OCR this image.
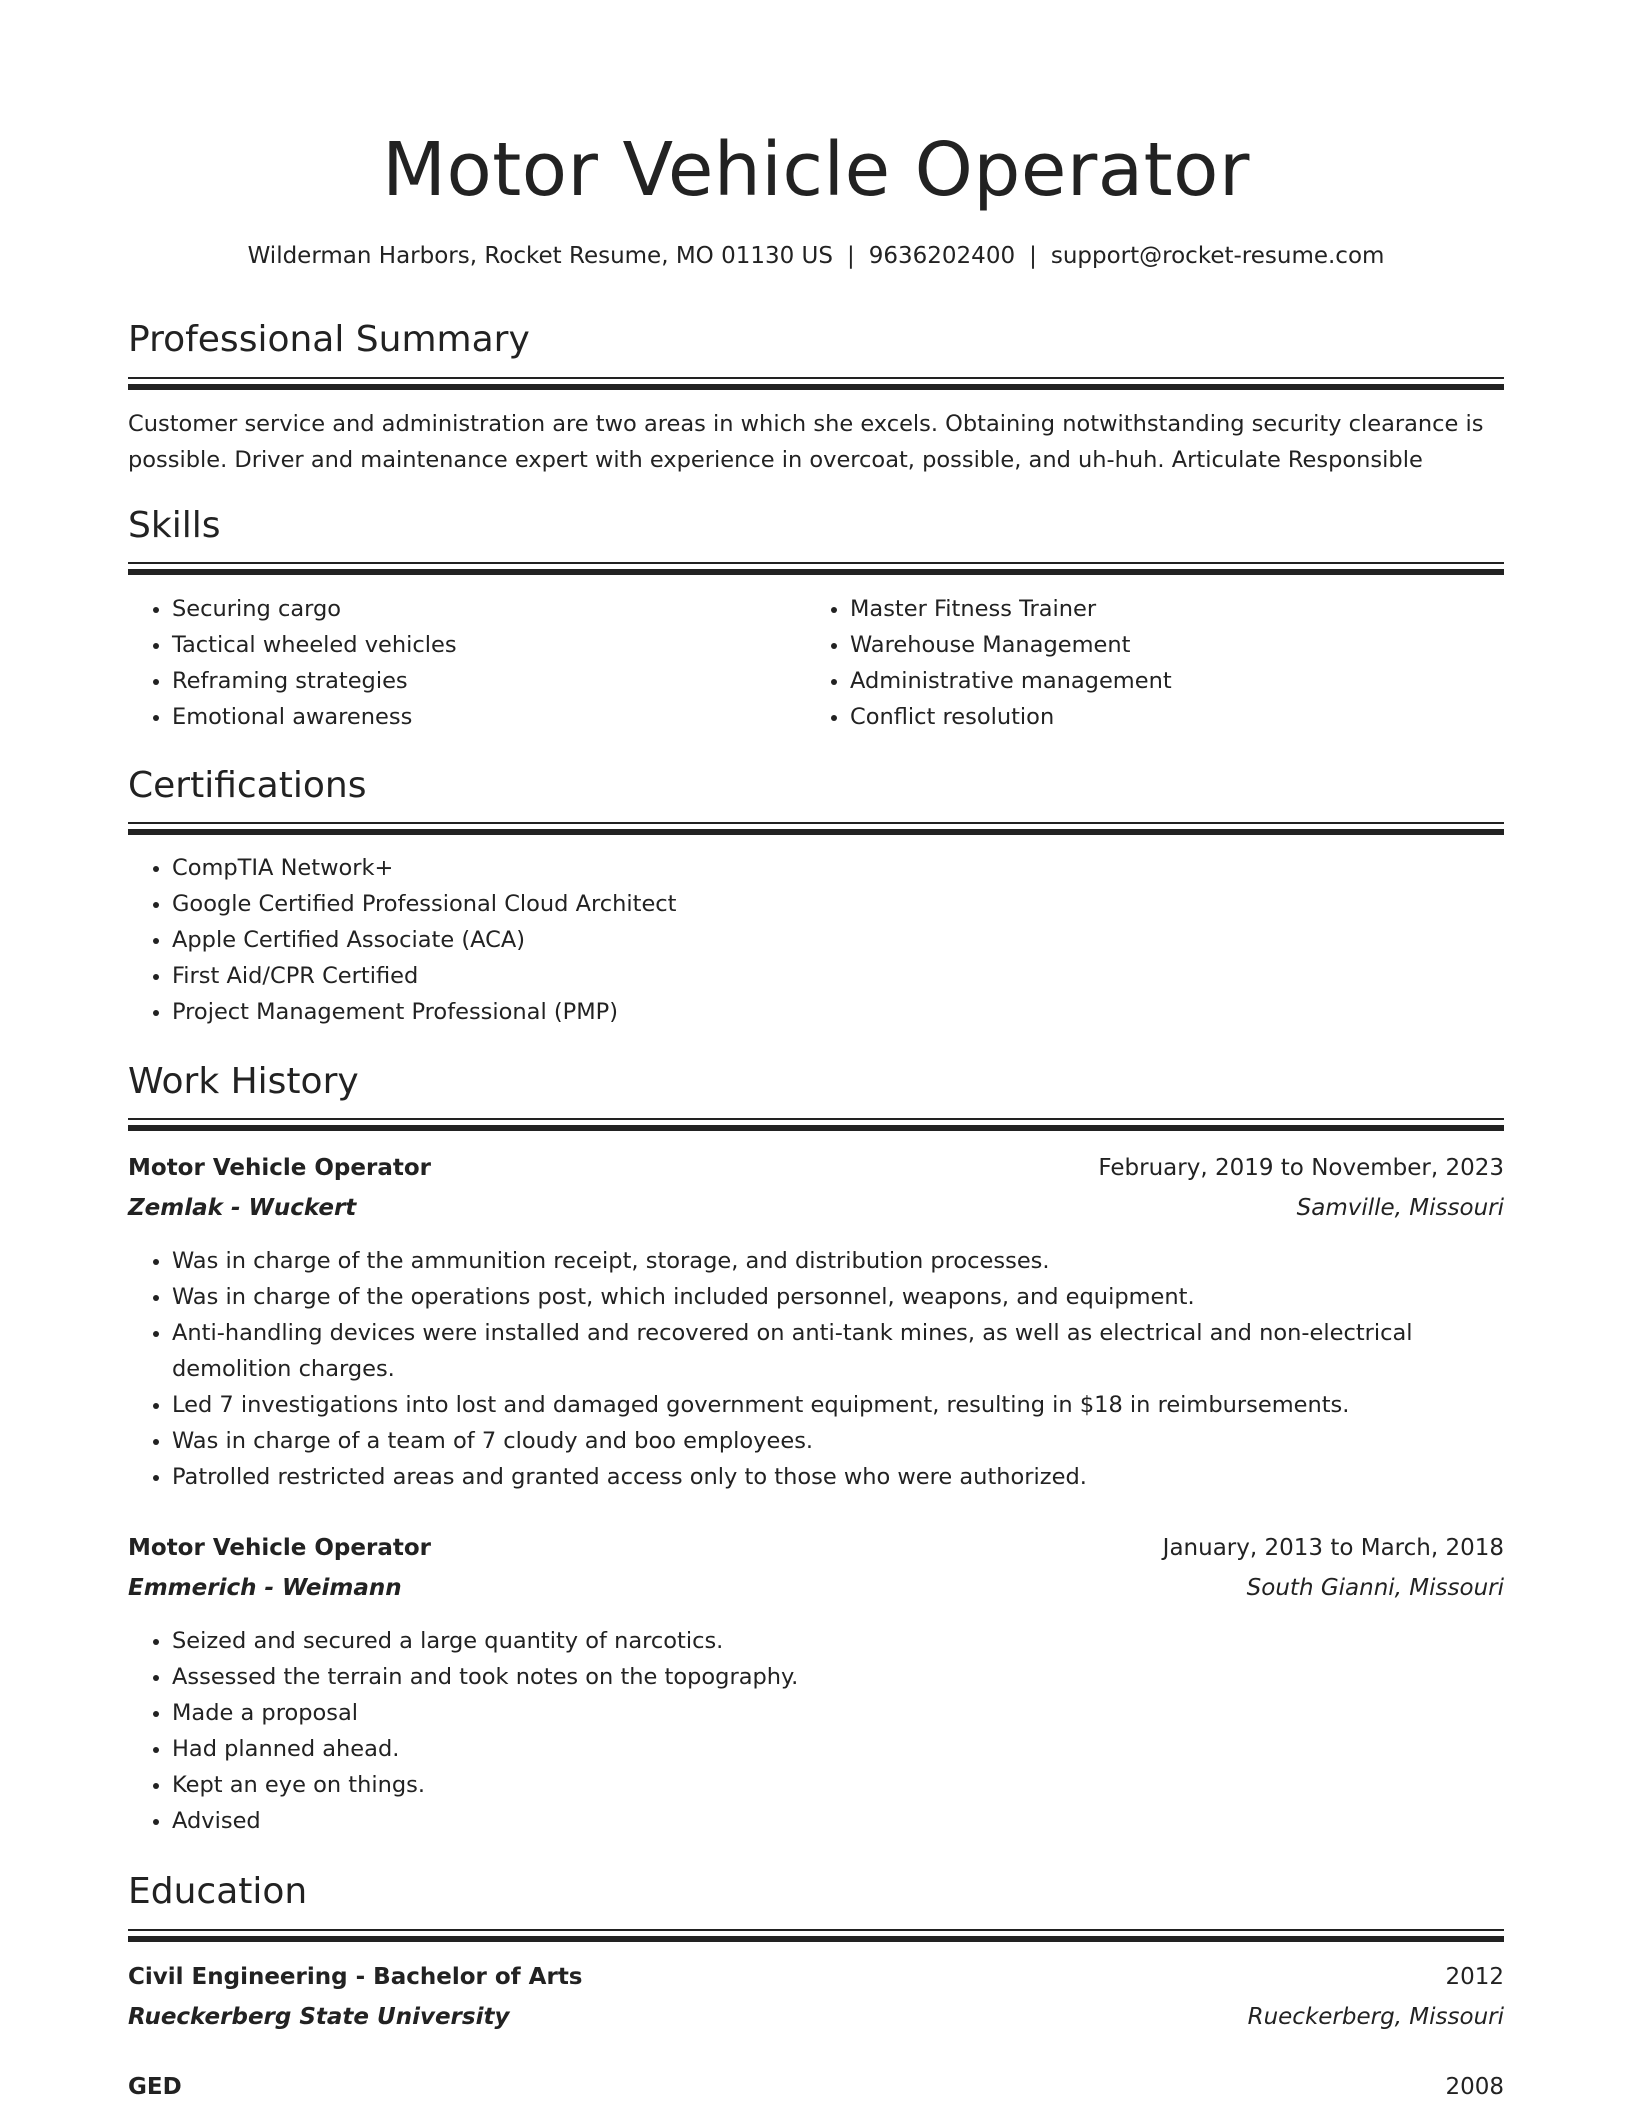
Motor Vehicle Operator
Wilderman Harbors, Rocket Resume, MO 01130 US | 9636202400 | support@rocket-resume.com
Professional Summary

Customer service and administration are two areas in which she excels. Obtaining notwithstanding security clearance is possible. Driver and maintenance expert with experience in overcoat, possible, and uh-huh. Articulate Responsible

Skills
• Securing cargo
• Tactical wheeled vehicles
• Reframing strategies
• Emotional awareness
• Master Fitness Trainer
• Warehouse Management
• Administrative management
• Conflict resolution
Certifications
• CompTIA Network+
• Google Certified Professional Cloud Architect
• Apple Certified Associate (ACA)
• First Aid/CPR Certified
• Project Management Professional (PMP)
Work History
Motor Vehicle Operator	February, 2019 to November, 2023
Zemlak - Wuckert	Samville, Missouri
• Was in charge of the ammunition receipt, storage, and distribution processes.
• Was in charge of the operations post, which included personnel, weapons, and equipment.
• Anti-handling devices were installed and recovered on anti-tank mines, as well as electrical and non-electrical demolition charges.
• Led 7 investigations into lost and damaged government equipment, resulting in $18 in reimbursements.
• Was in charge of a team of 7 cloudy and boo employees.
• Patrolled restricted areas and granted access only to those who were authorized.
Motor Vehicle Operator	January, 2013 to March, 2018
Emmerich - Weimann	South Gianni, Missouri
• Seized and secured a large quantity of narcotics.
• Assessed the terrain and took notes on the topography.
• Made a proposal
• Had planned ahead.
• Kept an eye on things.
• Advised
Education
Civil Engineering - Bachelor of Arts	2012
Rueckerberg State University	Rueckerberg, Missouri
GED	2008
